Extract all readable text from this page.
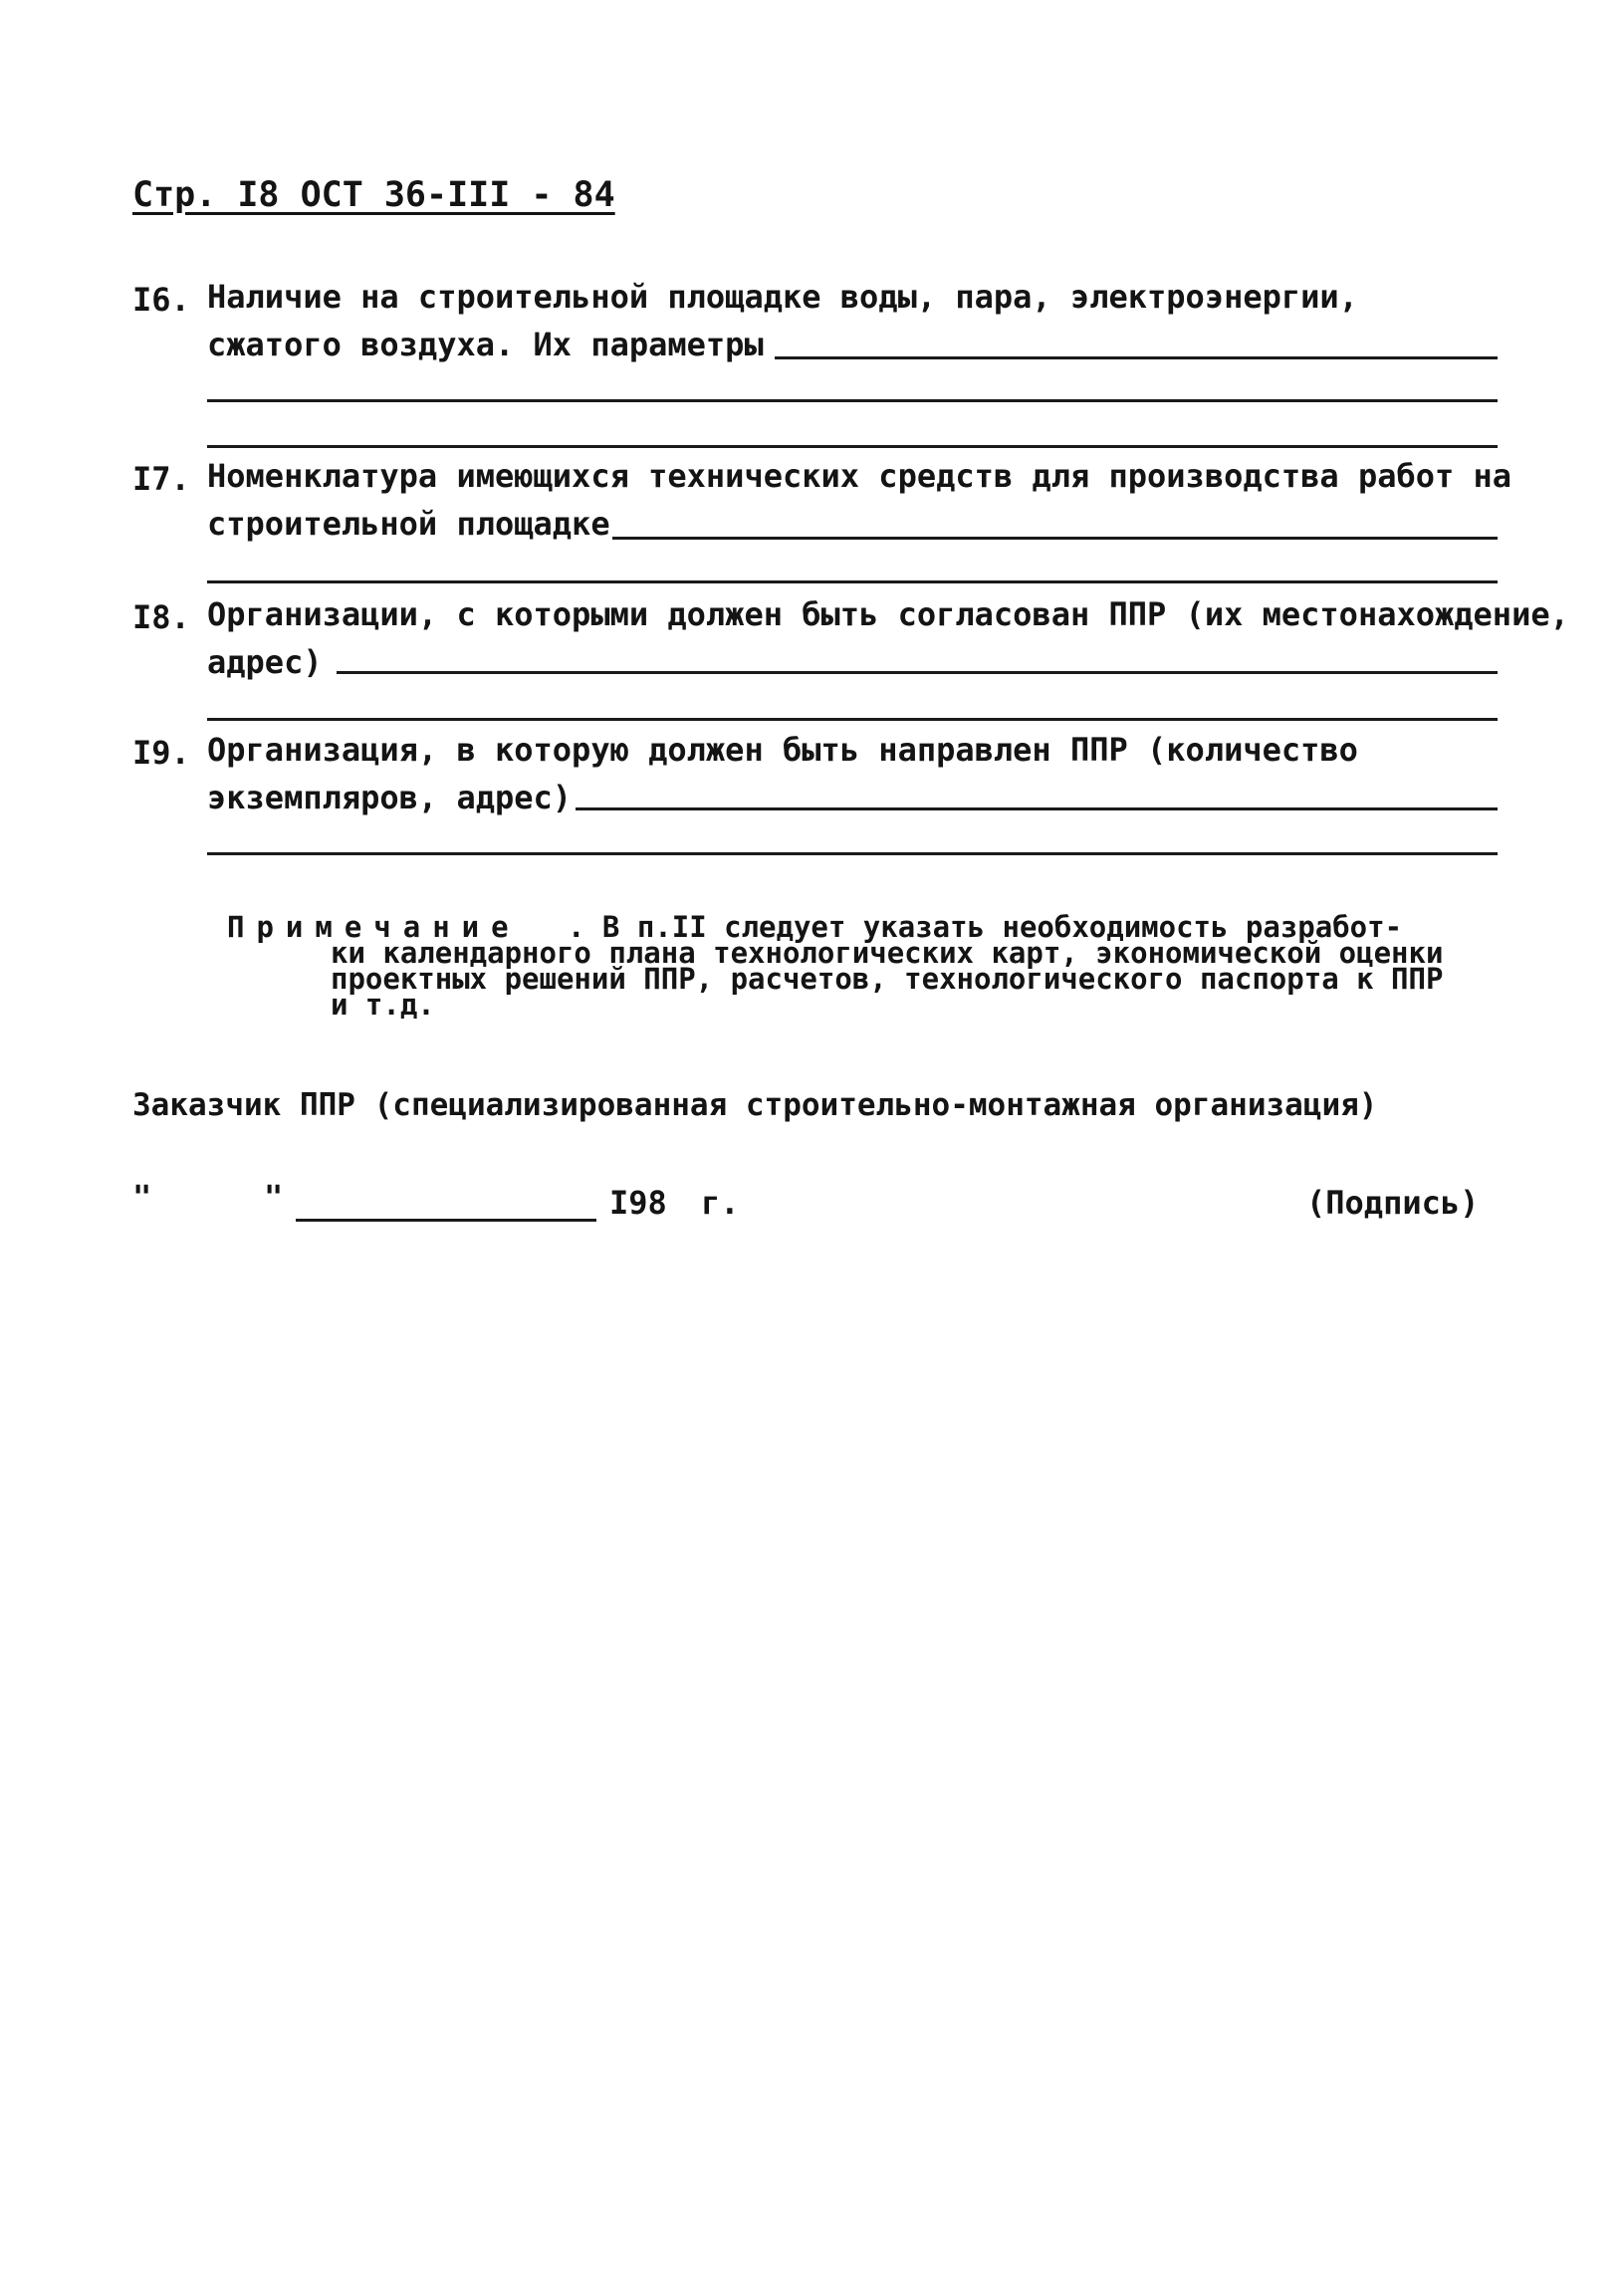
Стр. I8 ОСТ 36-III - 84
I6. Наличие на строительной площадке воды, пара, электроэнергии,
сжатого воздуха. Их параметры
I7. Номенклатура имеющихся технических средств для производства работ на
строительной площадке
I8. Организации, с которыми должен быть согласован ППР (их местонахождение,
адрес)
I9. Организация, в которую должен быть направлен ППР (количество
экземпляров, адрес)
Примечание . В п.II следует указать необходимость разработ-
ки календарного плана технологических карт, экономической оценки
проектных решений ППР, расчетов, технологического паспорта к ППР
и т.д.
Заказчик ППР (специализированная строительно-монтажная организация)
"	"	I98 г.	(Подпись)
